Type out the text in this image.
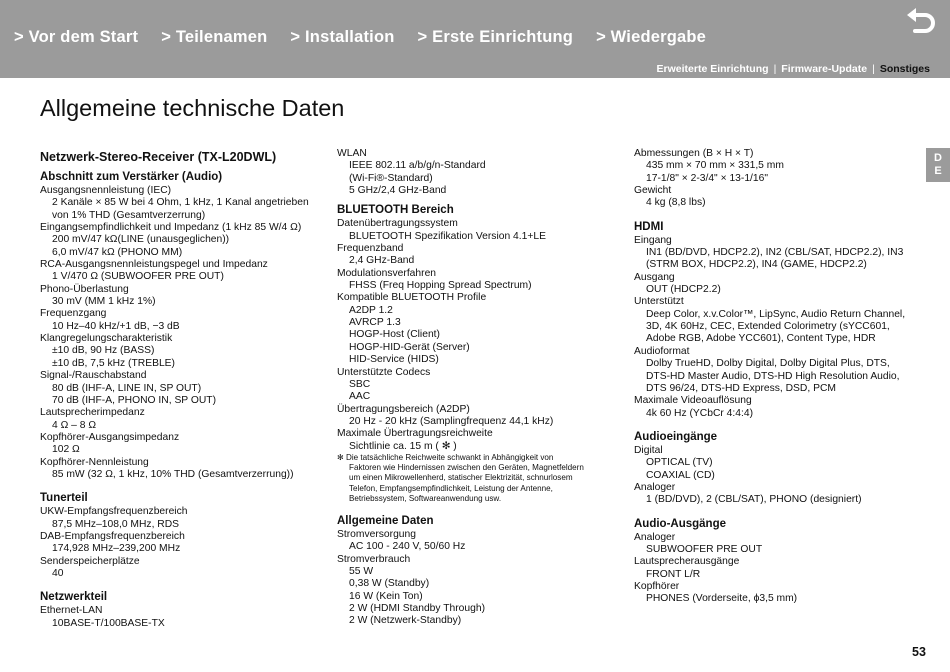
> Vor dem Start > Teilenamen > Installation > Erste Einrichtung > Wiedergabe
Erweiterte Einrichtung | Firmware-Update | Sonstiges
Allgemeine technische Daten
D
E
Netzwerk-Stereo-Receiver (TX-L20DWL)
Abschnitt zum Verstärker (Audio)
Ausgangsnennleistung (IEC)
2 Kanäle × 85 W bei 4 Ohm, 1 kHz, 1 Kanal angetrieben
von 1% THD (Gesamtverzerrung)
Eingangsempfindlichkeit und Impedanz (1 kHz 85 W/4 Ω)
200 mV/47 kΩ(LINE (unausgeglichen))
6,0 mV/47 kΩ (PHONO MM)
RCA-Ausgangsnennleistungspegel und Impedanz
1 V/470 Ω (SUBWOOFER PRE OUT)
Phono-Überlastung
30 mV (MM 1 kHz 1%)
Frequenzgang
10 Hz–40 kHz/+1 dB, −3 dB
Klangregelungscharakteristik
±10 dB, 90 Hz (BASS)
±10 dB, 7,5 kHz (TREBLE)
Signal-/Rauschabstand
80 dB (IHF-A, LINE IN, SP OUT)
70 dB (IHF-A, PHONO IN, SP OUT)
Lautsprecherimpedanz
4 Ω – 8 Ω
Kopfhörer-Ausgangsimpedanz
102 Ω
Kopfhörer-Nennleistung
85 mW (32 Ω, 1 kHz, 10% THD (Gesamtverzerrung))
Tunerteil
UKW-Empfangsfrequenzbereich
87,5 MHz–108,0 MHz, RDS
DAB-Empfangsfrequenzbereich
174,928 MHz–239,200 MHz
Senderspeicherplätze
40
Netzwerkteil
Ethernet-LAN
10BASE-T/100BASE-TX
WLAN
IEEE 802.11 a/b/g/n-Standard
(Wi-Fi®-Standard)
5 GHz/2,4 GHz-Band
BLUETOOTH Bereich
Datenübertragungssystem
BLUETOOTH Spezifikation Version 4.1+LE
Frequenzband
2,4 GHz-Band
Modulationsverfahren
FHSS (Freq Hopping Spread Spectrum)
Kompatible BLUETOOTH Profile
A2DP 1.2
AVRCP 1.3
HOGP-Host (Client)
HOGP-HID-Gerät (Server)
HID-Service (HIDS)
Unterstützte Codecs
SBC
AAC
Übertragungsbereich (A2DP)
20 Hz - 20 kHz (Samplingfrequenz 44,1 kHz)
Maximale Übertragungsreichweite
Sichtlinie ca. 15 m ( ✻ )
✻ Die tatsächliche Reichweite schwankt in Abhängigkeit von
Faktoren wie Hindernissen zwischen den Geräten, Magnetfeldern
um einen Mikrowellenherd, statischer Elektrizität, schnurlosem
Telefon, Empfangsempfindlichkeit, Leistung der Antenne,
Betriebssystem, Softwareanwendung usw.
Allgemeine Daten
Stromversorgung
AC 100 - 240 V, 50/60 Hz
Stromverbrauch
55 W
0,38 W (Standby)
16 W (Kein Ton)
2 W (HDMI Standby Through)
2 W (Netzwerk-Standby)
Abmessungen (B × H × T)
435 mm × 70 mm × 331,5 mm
17-1/8" × 2-3/4" × 13-1/16"
Gewicht
4 kg (8,8 lbs)
HDMI
Eingang
IN1 (BD/DVD, HDCP2.2), IN2 (CBL/SAT, HDCP2.2), IN3
(STRM BOX, HDCP2.2), IN4 (GAME, HDCP2.2)
Ausgang
OUT (HDCP2.2)
Unterstützt
Deep Color, x.v.Color™, LipSync, Audio Return Channel,
3D, 4K 60Hz, CEC, Extended Colorimetry (sYCC601,
Adobe RGB, Adobe YCC601), Content Type, HDR
Audioformat
Dolby TrueHD, Dolby Digital, Dolby Digital Plus, DTS,
DTS-HD Master Audio, DTS-HD High Resolution Audio,
DTS 96/24, DTS-HD Express, DSD, PCM
Maximale Videoauflösung
4k 60 Hz (YCbCr 4:4:4)
Audioeingänge
Digital
OPTICAL (TV)
COAXIAL (CD)
Analoger
1 (BD/DVD), 2 (CBL/SAT), PHONO (designiert)
Audio-Ausgänge
Analoger
SUBWOOFER PRE OUT
Lautsprecherausgänge
FRONT L/R
Kopfhörer
PHONES (Vorderseite, ϕ3,5 mm)
53
